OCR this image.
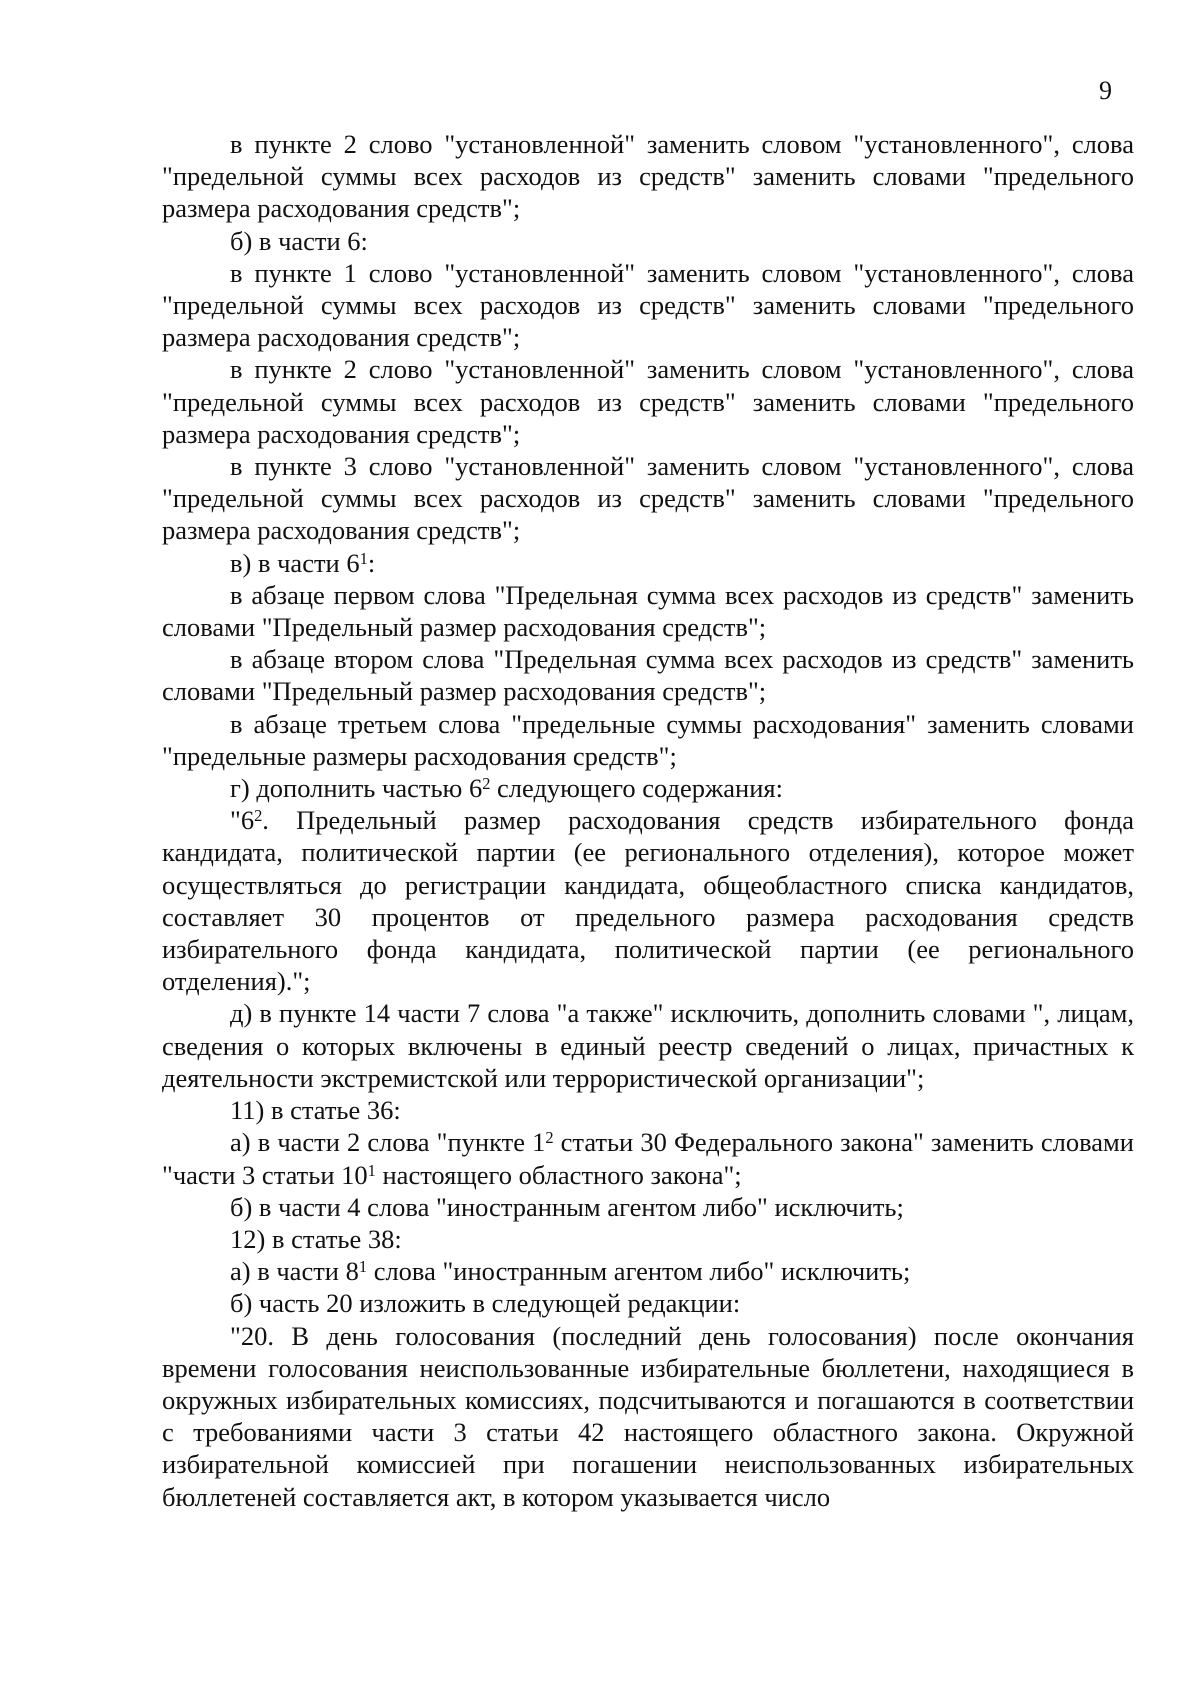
9

в пункте 2 слово "установленной" заменить словом "установленного", слова "предельной суммы всех расходов из средств" заменить словами "предельного размера расходования средств";

б) в части 6:

в пункте 1 слово "установленной" заменить словом "установленного", слова "предельной суммы всех расходов из средств" заменить словами "предельного размера расходования средств";

в пункте 2 слово "установленной" заменить словом "установленного", слова "предельной суммы всех расходов из средств" заменить словами "предельного размера расходования средств";

в пункте 3 слово "установленной" заменить словом "установленного", слова "предельной суммы всех расходов из средств" заменить словами "предельного размера расходования средств";

в) в части $6^1$:

в абзаце первом слова "Предельная сумма всех расходов из средств" заменить словами "Предельный размер расходования средств";

в абзаце втором слова "Предельная сумма всех расходов из средств" заменить словами "Предельный размер расходования средств";

в абзаце третьем слова "предельные суммы расходования" заменить словами "предельные размеры расходования средств";

г) дополнить частью $6^2$ следующего содержания:

"$6^2$. Предельный размер расходования средств избирательного фонда кандидата, политической партии (ее регионального отделения), которое может осуществляться до регистрации кандидата, общеобластного списка кандидатов, составляет 30 процентов от предельного размера расходования средств избирательного фонда кандидата, политической партии (ее регионального отделения).";

д) в пункте 14 части 7 слова "а также" исключить, дополнить словами ", лицам, сведения о которых включены в единый реестр сведений о лицах, причастных к деятельности экстремистской или террористической организации";

11) в статье 36:

а) в части 2 слова "пункте $1^2$ статьи 30 Федерального закона" заменить словами "части 3 статьи $10^1$ настоящего областного закона";

б) в части 4 слова "иностранным агентом либо" исключить;

12) в статье 38:

а) в части $8^1$ слова "иностранным агентом либо" исключить;

б) часть 20 изложить в следующей редакции:

"20. В день голосования (последний день голосования) после окончания времени голосования неиспользованные избирательные бюллетени, находящиеся в окружных избирательных комиссиях, подсчитываются и погашаются в соответствии с требованиями части 3 статьи 42 настоящего областного закона. Окружной избирательной комиссией при погашении неиспользованных избирательных бюллетеней составляется акт, в котором указывается число
